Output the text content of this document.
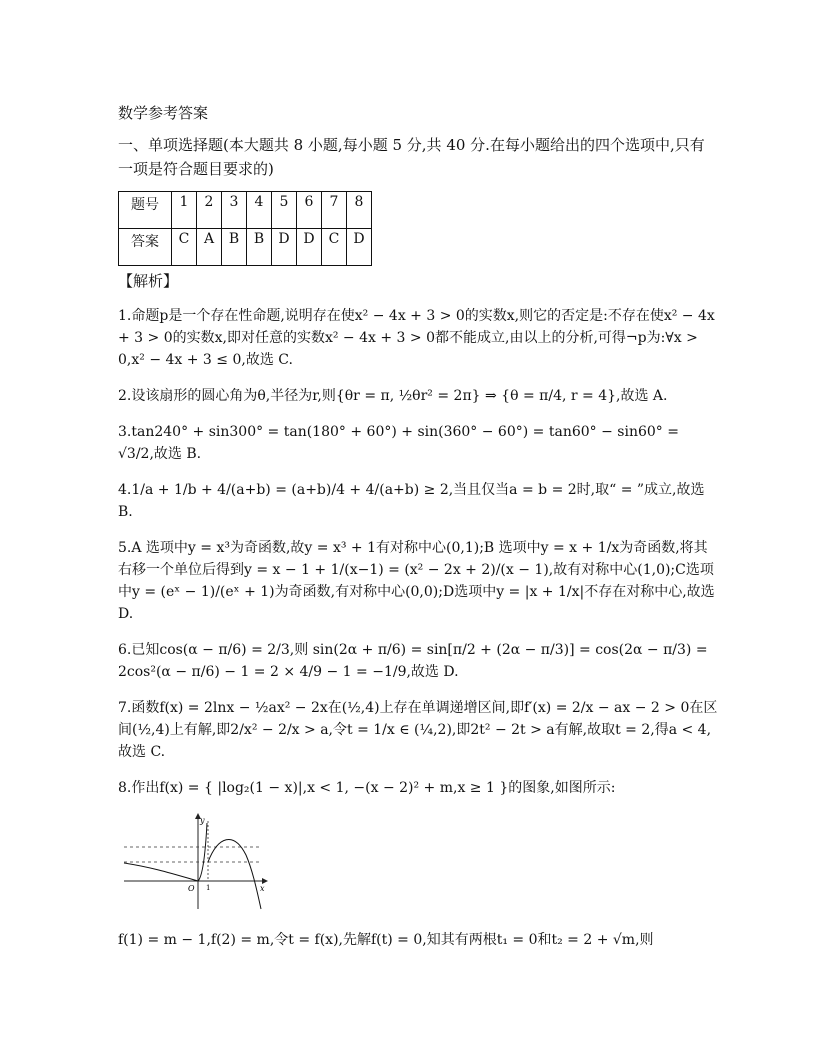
数学参考答案
一、单项选择题(本大题共 8 小题,每小题 5 分,共 40 分.在每小题给出的四个选项中,只有一项是符合题目要求的)
题号	1	2	3	4	5	6	7	8
答案	C	A	B	B	D	D	C	D
【解析】
1.命题p是一个存在性命题,说明存在使x² − 4x + 3 > 0的实数x,则它的否定是:不存在使x² − 4x + 3 > 0的实数x,即对任意的实数x² − 4x + 3 > 0都不能成立,由以上的分析,可得¬p为:∀x > 0,x² − 4x + 3 ≤ 0,故选 C.
2.设该扇形的圆心角为θ,半径为r,则{θr = π, ½θr² = 2π} ⇒ {θ = π/4, r = 4},故选 A.
3.tan240° + sin300° = tan(180° + 60°) + sin(360° − 60°) = tan60° − sin60° = √3/2,故选 B.
4.1/a + 1/b + 4/(a+b) = (a+b)/4 + 4/(a+b) ≥ 2,当且仅当a = b = 2时,取“ = ”成立,故选 B.
5.A 选项中y = x³为奇函数,故y = x³ + 1有对称中心(0,1);B 选项中y = x + 1/x为奇函数,将其右移一个单位后得到y = x − 1 + 1/(x−1) = (x² − 2x + 2)/(x − 1),故有对称中心(1,0);C选项中y = (eˣ − 1)/(eˣ + 1)为奇函数,有对称中心(0,0);D选项中y = |x + 1/x|不存在对称中心,故选D.
6.已知cos(α − π/6) = 2/3,则 sin(2α + π/6) = sin[π/2 + (2α − π/3)] = cos(2α − π/3) = 2cos²(α − π/6) − 1 = 2 × 4/9 − 1 = −1/9,故选 D.
7.函数f(x) = 2lnx − ½ax² − 2x在(½,4)上存在单调递增区间,即f′(x) = 2/x − ax − 2 > 0在区间(½,4)上有解,即2/x² − 2/x > a,令t = 1/x ∈ (¼,2),即2t² − 2t > a有解,故取t = 2,得a < 4,故选 C.
8.作出f(x) = { |log₂(1 − x)|,x < 1, −(x − 2)² + m,x ≥ 1 }的图象,如图所示:
y
x
O 1
f(1) = m − 1,f(2) = m,令t = f(x),先解f(t) = 0,知其有两根t₁ = 0和t₂ = 2 + √m,则
